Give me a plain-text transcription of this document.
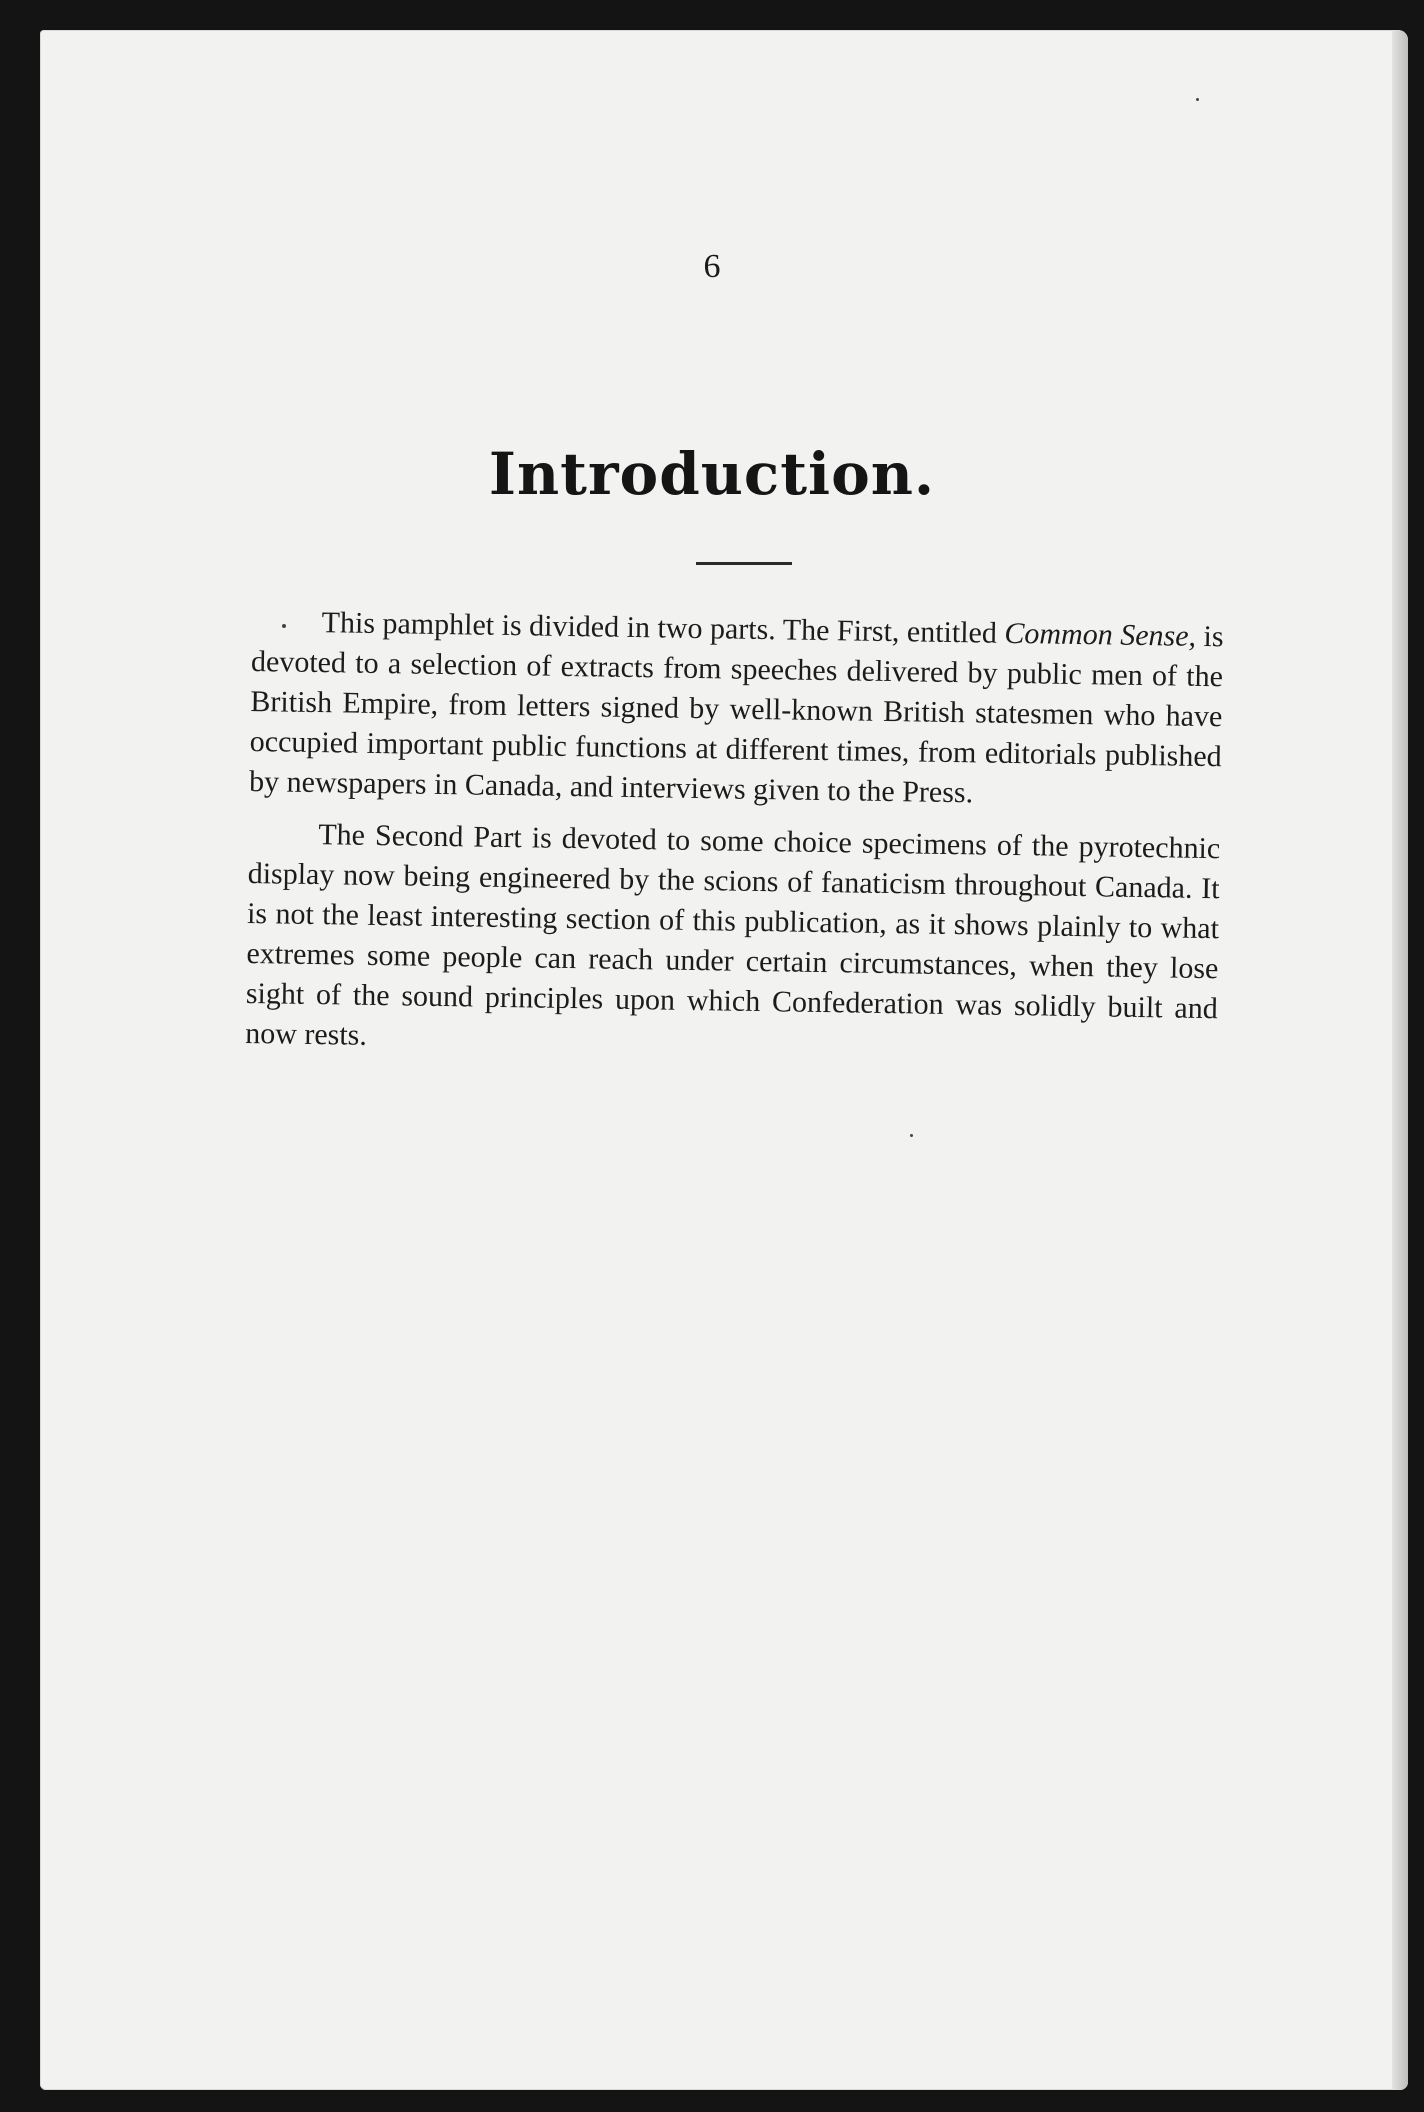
6
Introduction.

This pamphlet is divided in two parts. The First, entitled Common Sense, is devoted to a selection of extracts from speeches delivered by public men of the British Empire, from letters signed by well-known British statesmen who have occupied important public functions at different times, from editorials published by newspapers in Canada, and interviews given to the Press.

The Second Part is devoted to some choice specimens of the pyrotechnic display now being engineered by the scions of fanaticism throughout Canada. It is not the least interesting section of this publication, as it shows plainly to what extremes some people can reach under certain circumstances, when they lose sight of the sound principles upon which Confederation was solidly built and now rests.
